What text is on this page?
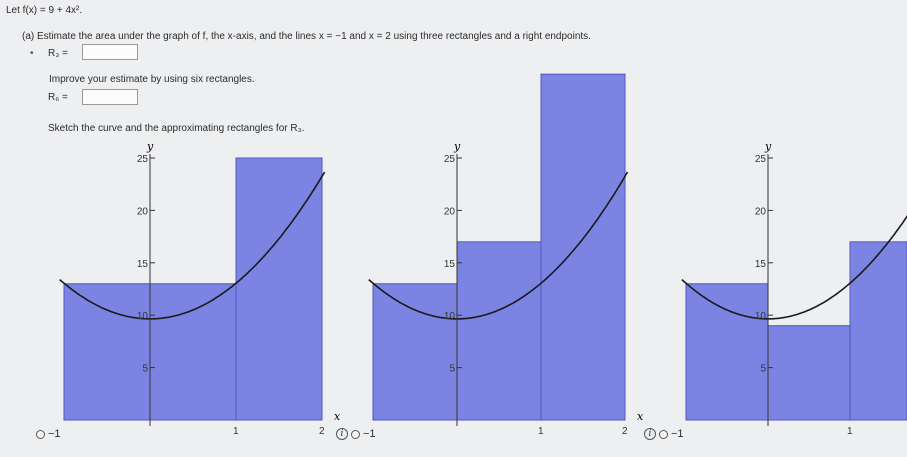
Let f(x) = 9 + 4x².
(a) Estimate the area under the graph of f, the x-axis, and the lines x = −1 and x = 2 using three rectangles and a right endpoints.
• R₃ =
Improve your estimate by using six rectangles.
R₆ =
Sketch the curve and the approximating rectangles for R₃.
y
25
20
15
10
5
1	2
x
−1
y
25
20
15
10
5
1	2
x
i	−1
y
25
20
15
10
5
1
i	−1
